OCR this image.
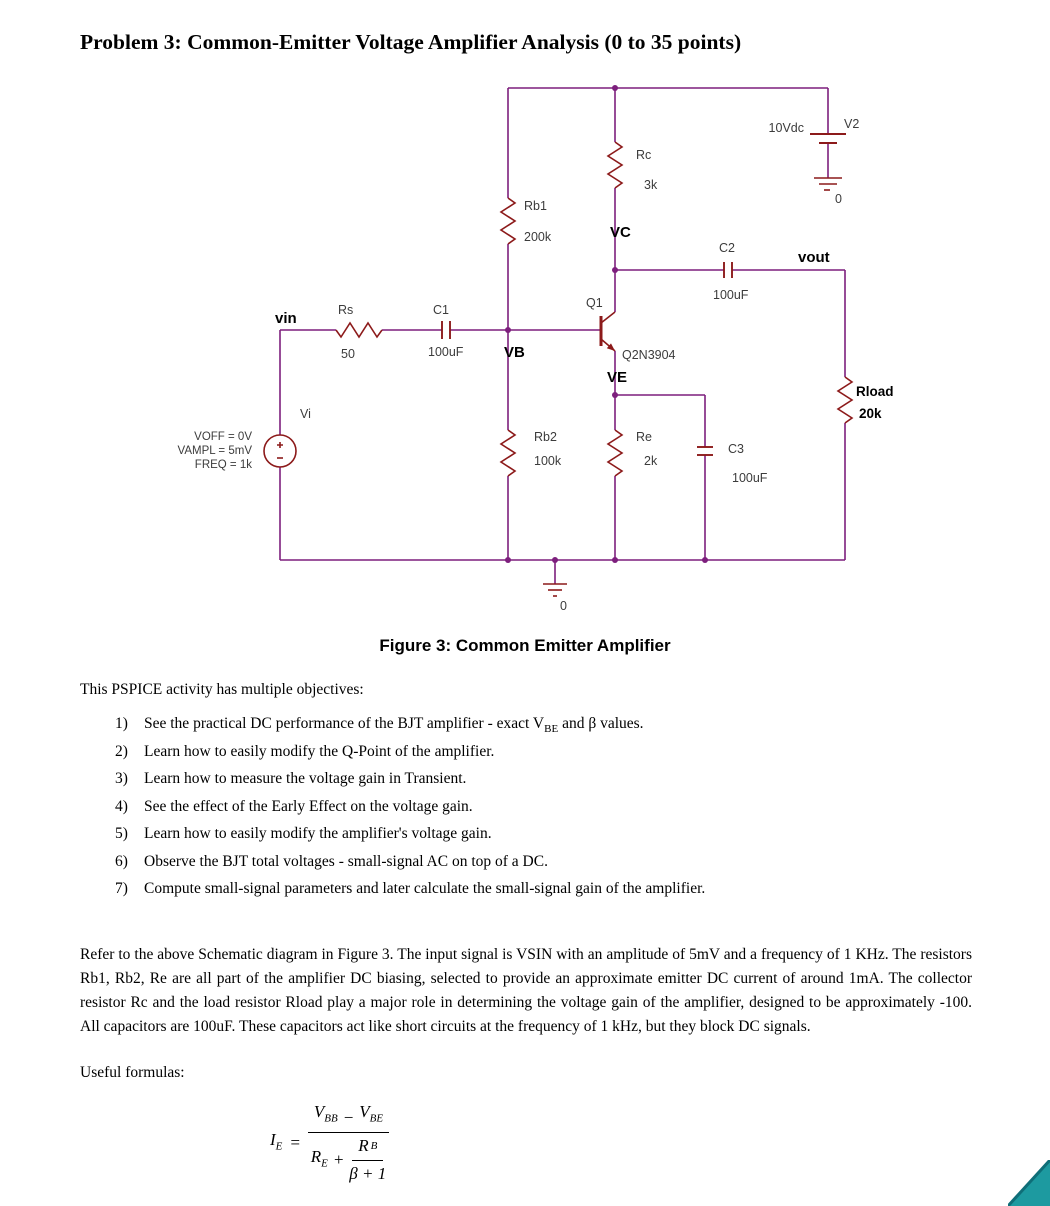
Problem 3: Common-Emitter Voltage Amplifier Analysis (0 to 35 points)
Rb1
200k
Rc
3k
Rb2
100k
Re
2k
Rload
20k
Rs
50
C1
100uF
C2
100uF
C3
100uF
Q1
Q2N3904
Vi
VOFF = 0V
VAMPL = 5mV
FREQ = 1k
10Vdc	V2
0
0
vin
VB
VC
VE
vout
Figure 3: Common Emitter Amplifier

This PSPICE activity has multiple objectives:

1)	See the practical DC performance of the BJT amplifier - exact $V_{BE}$ and β values.
2)	Learn how to easily modify the Q-Point of the amplifier.
3)	Learn how to measure the voltage gain in Transient.
4)	See the effect of the Early Effect on the voltage gain.
5)	Learn how to easily modify the amplifier's voltage gain.
6)	Observe the BJT total voltages - small-signal AC on top of a DC.
7)	Compute small-signal parameters and later calculate the small-signal gain of the amplifier.

Refer to the above Schematic diagram in Figure 3. The input signal is VSIN with an amplitude of 5mV and a frequency of 1 KHz. The resistors Rb1, Rb2, Re are all part of the amplifier DC biasing, selected to provide an approximate emitter DC current of around 1mA. The collector resistor Rc and the load resistor Rload play a major role in determining the voltage gain of the amplifier, designed to be approximately -100. All capacitors are 100uF. These capacitors act like short circuits at the frequency of 1 kHz, but they block DC signals.

Useful formulas:

$I_E = \frac{V_{BB} - V_{BE}}{R_E + \frac{\text{R B}}{\beta + 1}}$
